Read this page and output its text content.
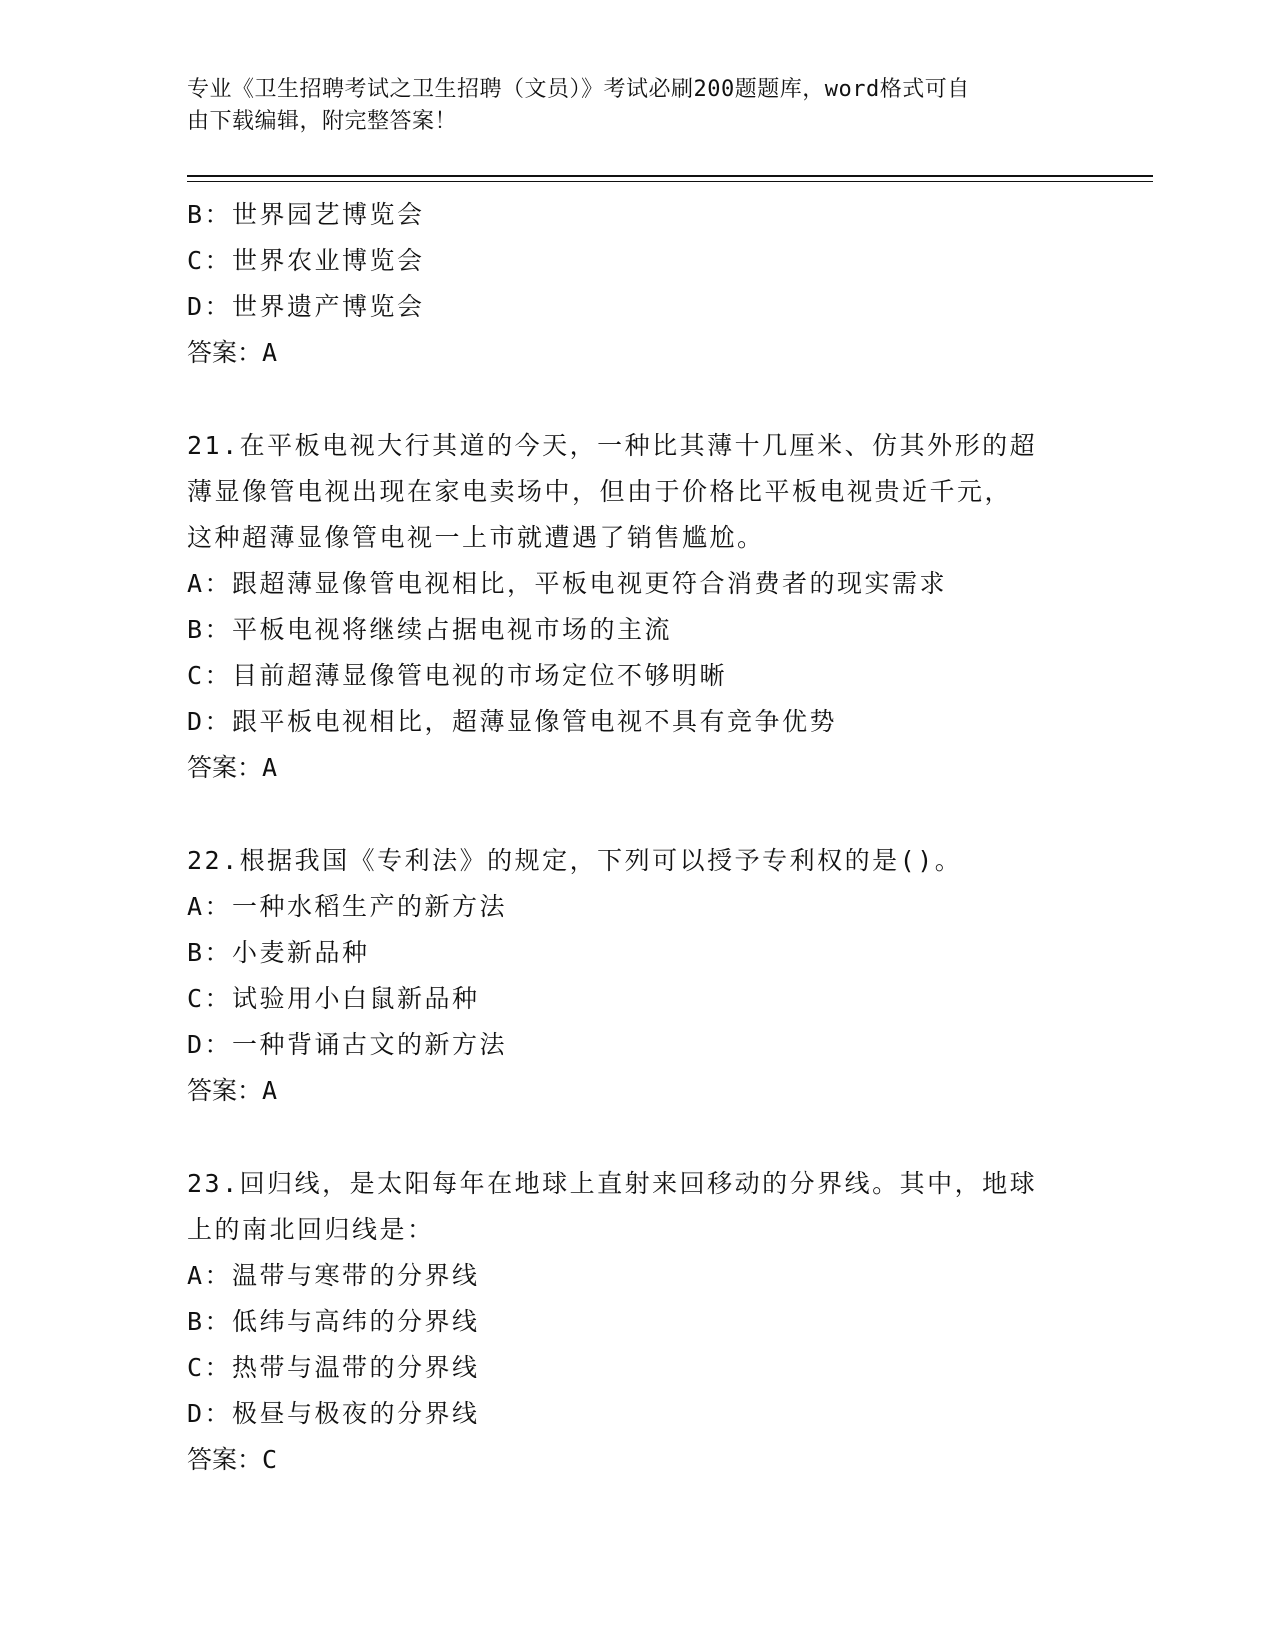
专业《卫生招聘考试之卫生招聘（文员）》考试必刷200题题库，word格式可自
由下载编辑，附完整答案！
B：世界园艺博览会
C：世界农业博览会
D：世界遗产博览会
答案：A
21.在平板电视大行其道的今天，一种比其薄十几厘米、仿其外形的超
薄显像管电视出现在家电卖场中，但由于价格比平板电视贵近千元，
这种超薄显像管电视一上市就遭遇了销售尴尬。
A：跟超薄显像管电视相比，平板电视更符合消费者的现实需求
B：平板电视将继续占据电视市场的主流
C：目前超薄显像管电视的市场定位不够明晰
D：跟平板电视相比，超薄显像管电视不具有竞争优势
答案：A
22.根据我国《专利法》的规定，下列可以授予专利权的是()。
A：一种水稻生产的新方法
B：小麦新品种
C：试验用小白鼠新品种
D：一种背诵古文的新方法
答案：A
23.回归线，是太阳每年在地球上直射来回移动的分界线。其中，地球
上的南北回归线是：
A：温带与寒带的分界线
B：低纬与高纬的分界线
C：热带与温带的分界线
D：极昼与极夜的分界线
答案：C
